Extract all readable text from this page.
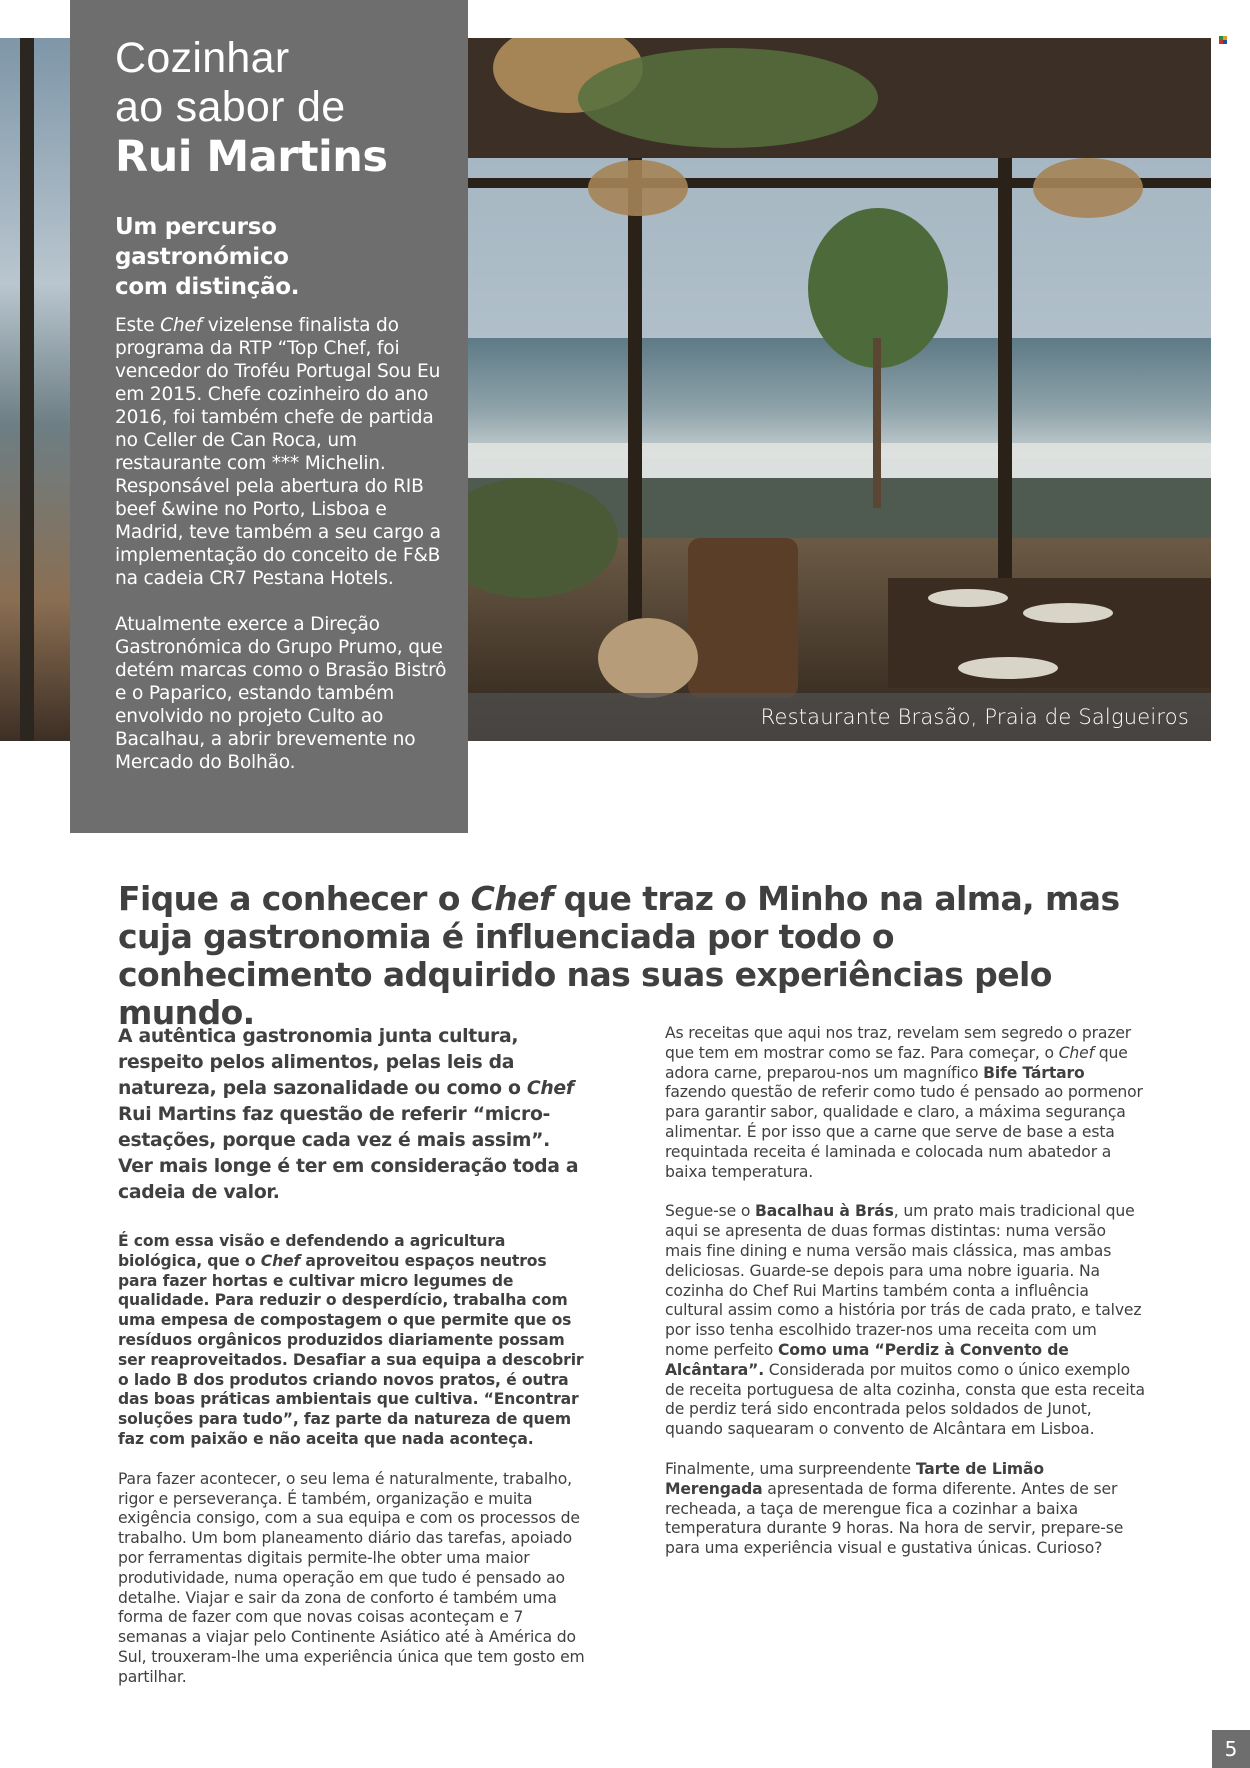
Restaurante Brasão, Praia de Salgueiros
Cozinhar
ao sabor de
Rui Martins
Um percurso gastronómico
com distinção.
Este Chef vizelense finalista do programa da RTP “Top Chef, foi vencedor do Troféu Portugal Sou Eu em 2015. Chefe cozinheiro do ano 2016, foi também chefe de partida no Celler de Can Roca, um restaurante com *** Michelin. Responsável pela abertura do RIB beef &wine no Porto, Lisboa e Madrid, teve também a seu cargo a implementação do conceito de F&B na cadeia CR7 Pestana Hotels.
Atualmente exerce a Direção Gastronómica do Grupo Prumo, que detém marcas como o Brasão Bistrô e o Paparico, estando também envolvido no projeto Culto ao Bacalhau, a abrir brevemente no Mercado do Bolhão.
Fique a conhecer o Chef que traz o Minho na alma, mas cuja gastronomia é influenciada por todo o conhecimento adquirido nas suas experiências pelo mundo.

A autêntica gastronomia junta cultura, respeito pelos alimentos, pelas leis da natureza, pela sazonalidade ou como o Chef Rui Martins faz questão de referir “micro-estações, porque cada vez é mais assim”. Ver mais longe é ter em consideração toda a cadeia de valor.

É com essa visão e defendendo a agricultura biológica, que o Chef aproveitou espaços neutros para fazer hortas e cultivar micro legumes de qualidade. Para reduzir o desperdício, trabalha com uma empesa de compostagem o que permite que os resíduos orgânicos produzidos diariamente possam ser reaproveitados. Desafiar a sua equipa a descobrir o lado B dos produtos criando novos pratos, é outra das boas práticas ambientais que cultiva. “Encontrar soluções para tudo”, faz parte da natureza de quem faz com paixão e não aceita que nada aconteça.

Para fazer acontecer, o seu lema é naturalmente, trabalho, rigor e perseverança. É também, organização e muita exigência consigo, com a sua equipa e com os processos de trabalho. Um bom planeamento diário das tarefas, apoiado por ferramentas digitais permite-lhe obter uma maior produtividade, numa operação em que tudo é pensado ao detalhe. Viajar e sair da zona de conforto é também uma forma de fazer com que novas coisas aconteçam e 7 semanas a viajar pelo Continente Asiático até à América do Sul, trouxeram-lhe uma experiência única que tem gosto em partilhar.

As receitas que aqui nos traz, revelam sem segredo o prazer que tem em mostrar como se faz. Para começar, o Chef que adora carne, preparou-nos um magnífico Bife Tártaro fazendo questão de referir como tudo é pensado ao pormenor para garantir sabor, qualidade e claro, a máxima segurança alimentar. É por isso que a carne que serve de base a esta requintada receita é laminada e colocada num abatedor a baixa temperatura.

Segue-se o Bacalhau à Brás, um prato mais tradicional que aqui se apresenta de duas formas distintas: numa versão mais fine dining e numa versão mais clássica, mas ambas deliciosas. Guarde-se depois para uma nobre iguaria. Na cozinha do Chef Rui Martins também conta a influência cultural assim como a história por trás de cada prato, e talvez por isso tenha escolhido trazer-nos uma receita com um nome perfeito Como uma “Perdiz à Convento de Alcântara”. Considerada por muitos como o único exemplo de receita portuguesa de alta cozinha, consta que esta receita de perdiz terá sido encontrada pelos soldados de Junot, quando saquearam o convento de Alcântara em Lisboa.

Finalmente, uma surpreendente Tarte de Limão Merengada apresentada de forma diferente. Antes de ser recheada, a taça de merengue fica a cozinhar a baixa temperatura durante 9 horas. Na hora de servir, prepare-se para uma experiência visual e gustativa únicas. Curioso?

5
